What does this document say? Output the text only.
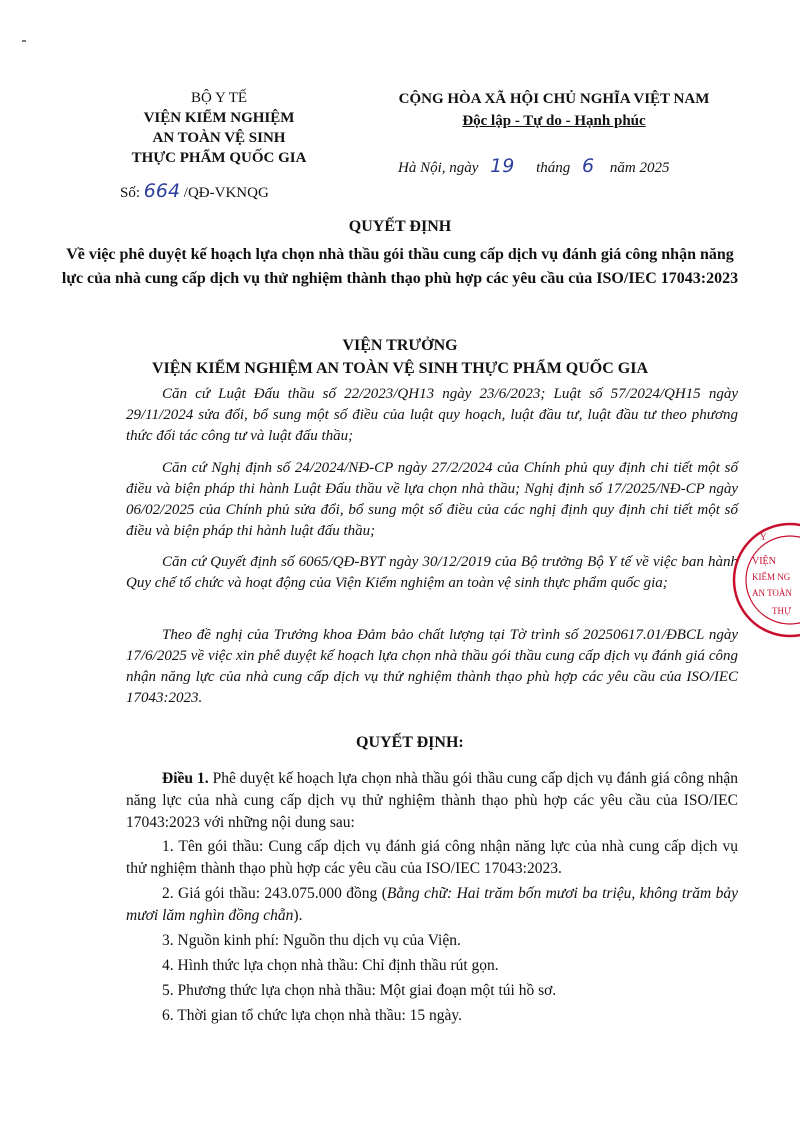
BỘ Y TẾ
VIỆN KIỂM NGHIỆM
AN TOÀN VỆ SINH
THỰC PHẨM QUỐC GIA
Số: 664 /QĐ-VKNQG
CỘNG HÒA XÃ HỘI CHỦ NGHĨA VIỆT NAM
Độc lập - Tự do - Hạnh phúc
Hà Nội, ngày 19 tháng 6 năm 2025
QUYẾT ĐỊNH
Về việc phê duyệt kế hoạch lựa chọn nhà thầu gói thầu cung cấp dịch vụ đánh giá công nhận năng lực của nhà cung cấp dịch vụ thử nghiệm thành thạo phù hợp các yêu cầu của ISO/IEC 17043:2023
VIỆN TRƯỞNG
VIỆN KIỂM NGHIỆM AN TOÀN VỆ SINH THỰC PHẨM QUỐC GIA
Căn cứ Luật Đấu thầu số 22/2023/QH13 ngày 23/6/2023; Luật số 57/2024/QH15 ngày 29/11/2024 sửa đổi, bổ sung một số điều của luật quy hoạch, luật đầu tư, luật đầu tư theo phương thức đối tác công tư và luật đấu thầu;
Căn cứ Nghị định số 24/2024/NĐ-CP ngày 27/2/2024 của Chính phủ quy định chi tiết một số điều và biện pháp thi hành Luật Đấu thầu về lựa chọn nhà thầu; Nghị định số 17/2025/NĐ-CP ngày 06/02/2025 của Chính phủ sửa đổi, bổ sung một số điều của các nghị định quy định chi tiết một số điều và biện pháp thi hành luật đấu thầu;
Căn cứ Quyết định số 6065/QĐ-BYT ngày 30/12/2019 của Bộ trưởng Bộ Y tế về việc ban hành Quy chế tổ chức và hoạt động của Viện Kiểm nghiệm an toàn vệ sinh thực phẩm quốc gia;
Theo đề nghị của Trưởng khoa Đảm bảo chất lượng tại Tờ trình số 20250617.01/ĐBCL ngày 17/6/2025 về việc xin phê duyệt kế hoạch lựa chọn nhà thầu gói thầu cung cấp dịch vụ đánh giá công nhận năng lực của nhà cung cấp dịch vụ thử nghiệm thành thạo phù hợp các yêu cầu của ISO/IEC 17043:2023.
QUYẾT ĐỊNH:
Điều 1. Phê duyệt kế hoạch lựa chọn nhà thầu gói thầu cung cấp dịch vụ đánh giá công nhận năng lực của nhà cung cấp dịch vụ thử nghiệm thành thạo phù hợp các yêu cầu của ISO/IEC 17043:2023 với những nội dung sau:
1. Tên gói thầu: Cung cấp dịch vụ đánh giá công nhận năng lực của nhà cung cấp dịch vụ thử nghiệm thành thạo phù hợp các yêu cầu của ISO/IEC 17043:2023.
2. Giá gói thầu: 243.075.000 đồng (Bằng chữ: Hai trăm bốn mươi ba triệu, không trăm bảy mươi lăm nghìn đồng chẵn).
3. Nguồn kinh phí: Nguồn thu dịch vụ của Viện.
4. Hình thức lựa chọn nhà thầu: Chỉ định thầu rút gọn.
5. Phương thức lựa chọn nhà thầu: Một giai đoạn một túi hồ sơ.
6. Thời gian tổ chức lựa chọn nhà thầu: 15 ngày.
Y
VIỆN
KIỂM NG
AN TOÀN
THỰ
